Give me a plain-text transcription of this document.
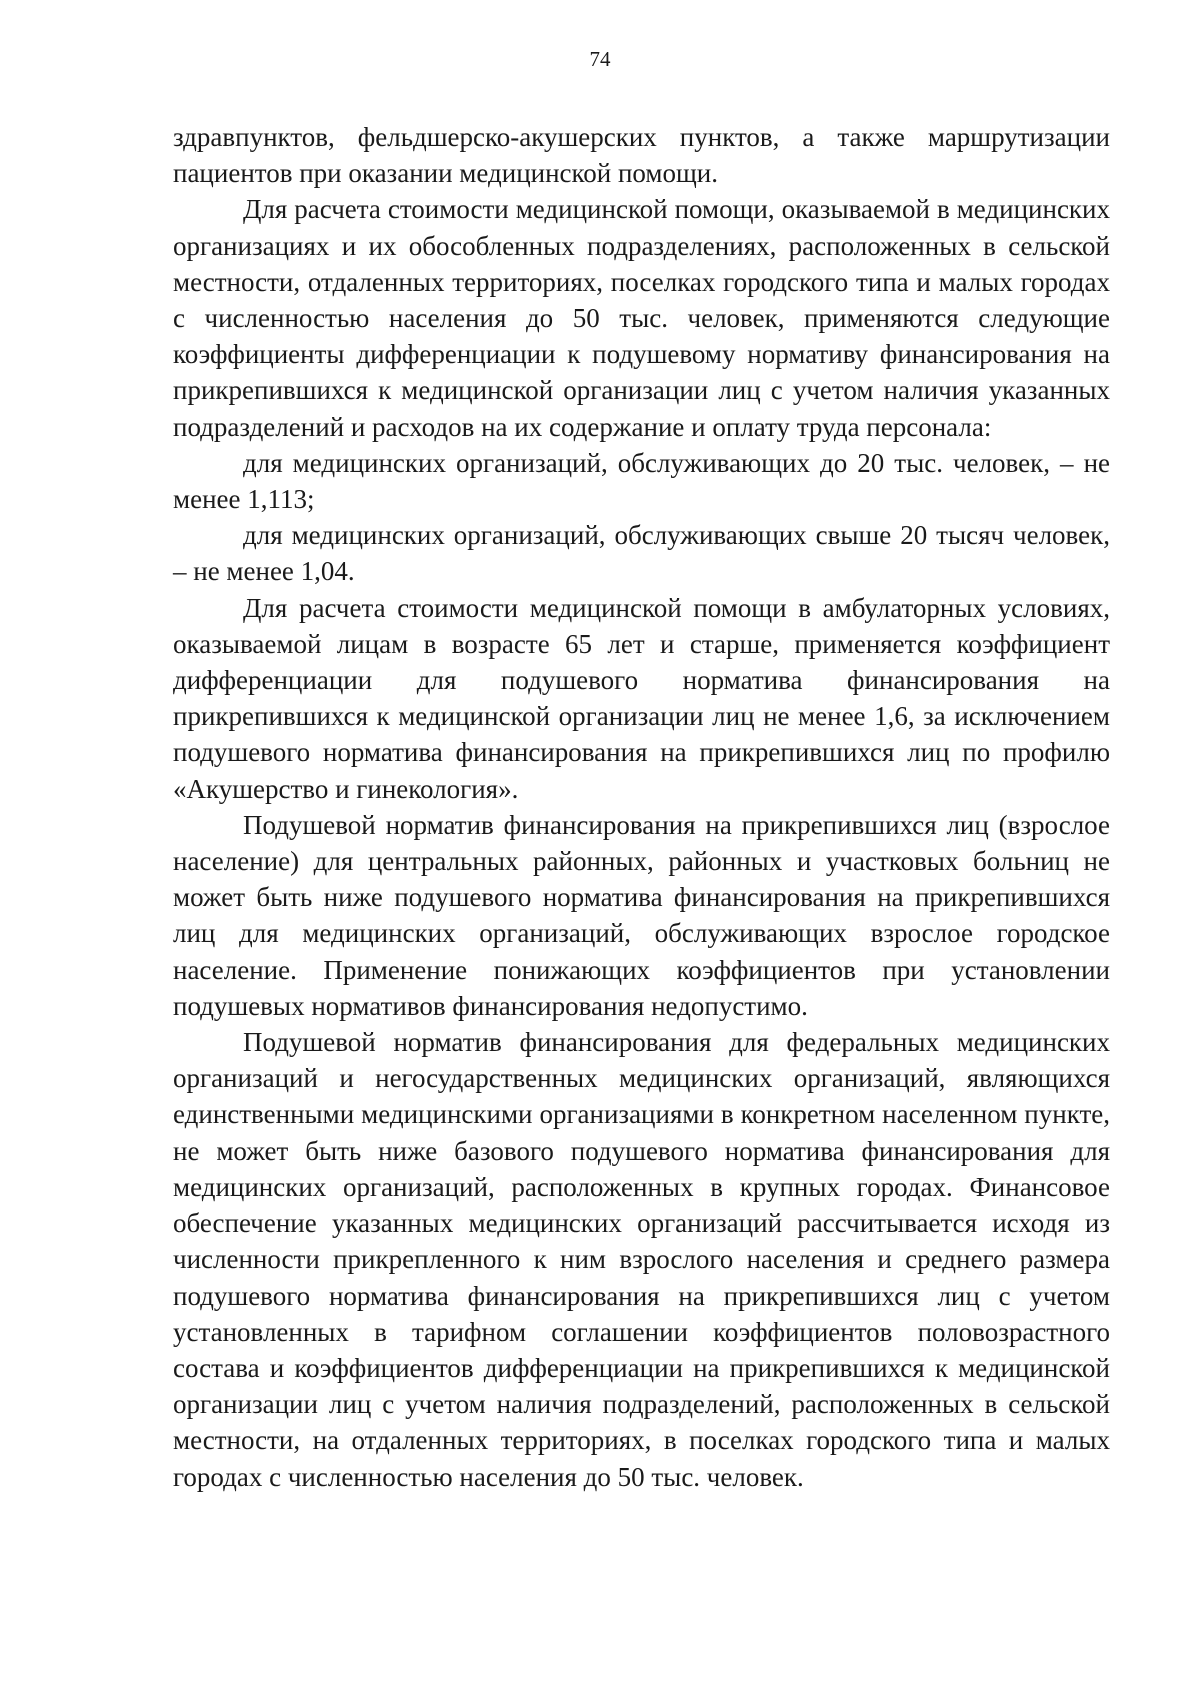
74

здравпунктов, фельдшерско-акушерских пунктов, а также маршрутизации пациентов при оказании медицинской помощи.

Для расчета стоимости медицинской помощи, оказываемой в медицинских организациях и их обособленных подразделениях, расположенных в сельской местности, отдаленных территориях, поселках городского типа и малых городах с численностью населения до 50 тыс. человек, применяются следующие коэффициенты дифференциации к подушевому нормативу финансирования на прикрепившихся к медицинской организации лиц с учетом наличия указанных подразделений и расходов на их содержание и оплату труда персонала:

для медицинских организаций, обслуживающих до 20 тыс. человек, – не менее 1,113;

для медицинских организаций, обслуживающих свыше 20 тысяч человек, – не менее 1,04.

Для расчета стоимости медицинской помощи в амбулаторных условиях, оказываемой лицам в возрасте 65 лет и старше, применяется коэффициент дифференциации для подушевого норматива финансирования на прикрепившихся к медицинской организации лиц не менее 1,6, за исключением подушевого норматива финансирования на прикрепившихся лиц по профилю «Акушерство и гинекология».

Подушевой норматив финансирования на прикрепившихся лиц (взрослое население) для центральных районных, районных и участковых больниц не может быть ниже подушевого норматива финансирования на прикрепившихся лиц для медицинских организаций, обслуживающих взрослое городское население. Применение понижающих коэффициентов при установлении подушевых нормативов финансирования недопустимо.

Подушевой норматив финансирования для федеральных медицинских организаций и негосударственных медицинских организаций, являющихся единственными медицинскими организациями в конкретном населенном пункте, не может быть ниже базового подушевого норматива финансирования для медицинских организаций, расположенных в крупных городах. Финансовое обеспечение указанных медицинских организаций рассчитывается исходя из численности прикрепленного к ним взрослого населения и среднего размера подушевого норматива финансирования на прикрепившихся лиц с учетом установленных в тарифном соглашении коэффициентов половозрастного состава и коэффициентов дифференциации на прикрепившихся к медицинской организации лиц с учетом наличия подразделений, расположенных в сельской местности, на отдаленных территориях, в поселках городского типа и малых городах с численностью населения до 50 тыс. человек.
